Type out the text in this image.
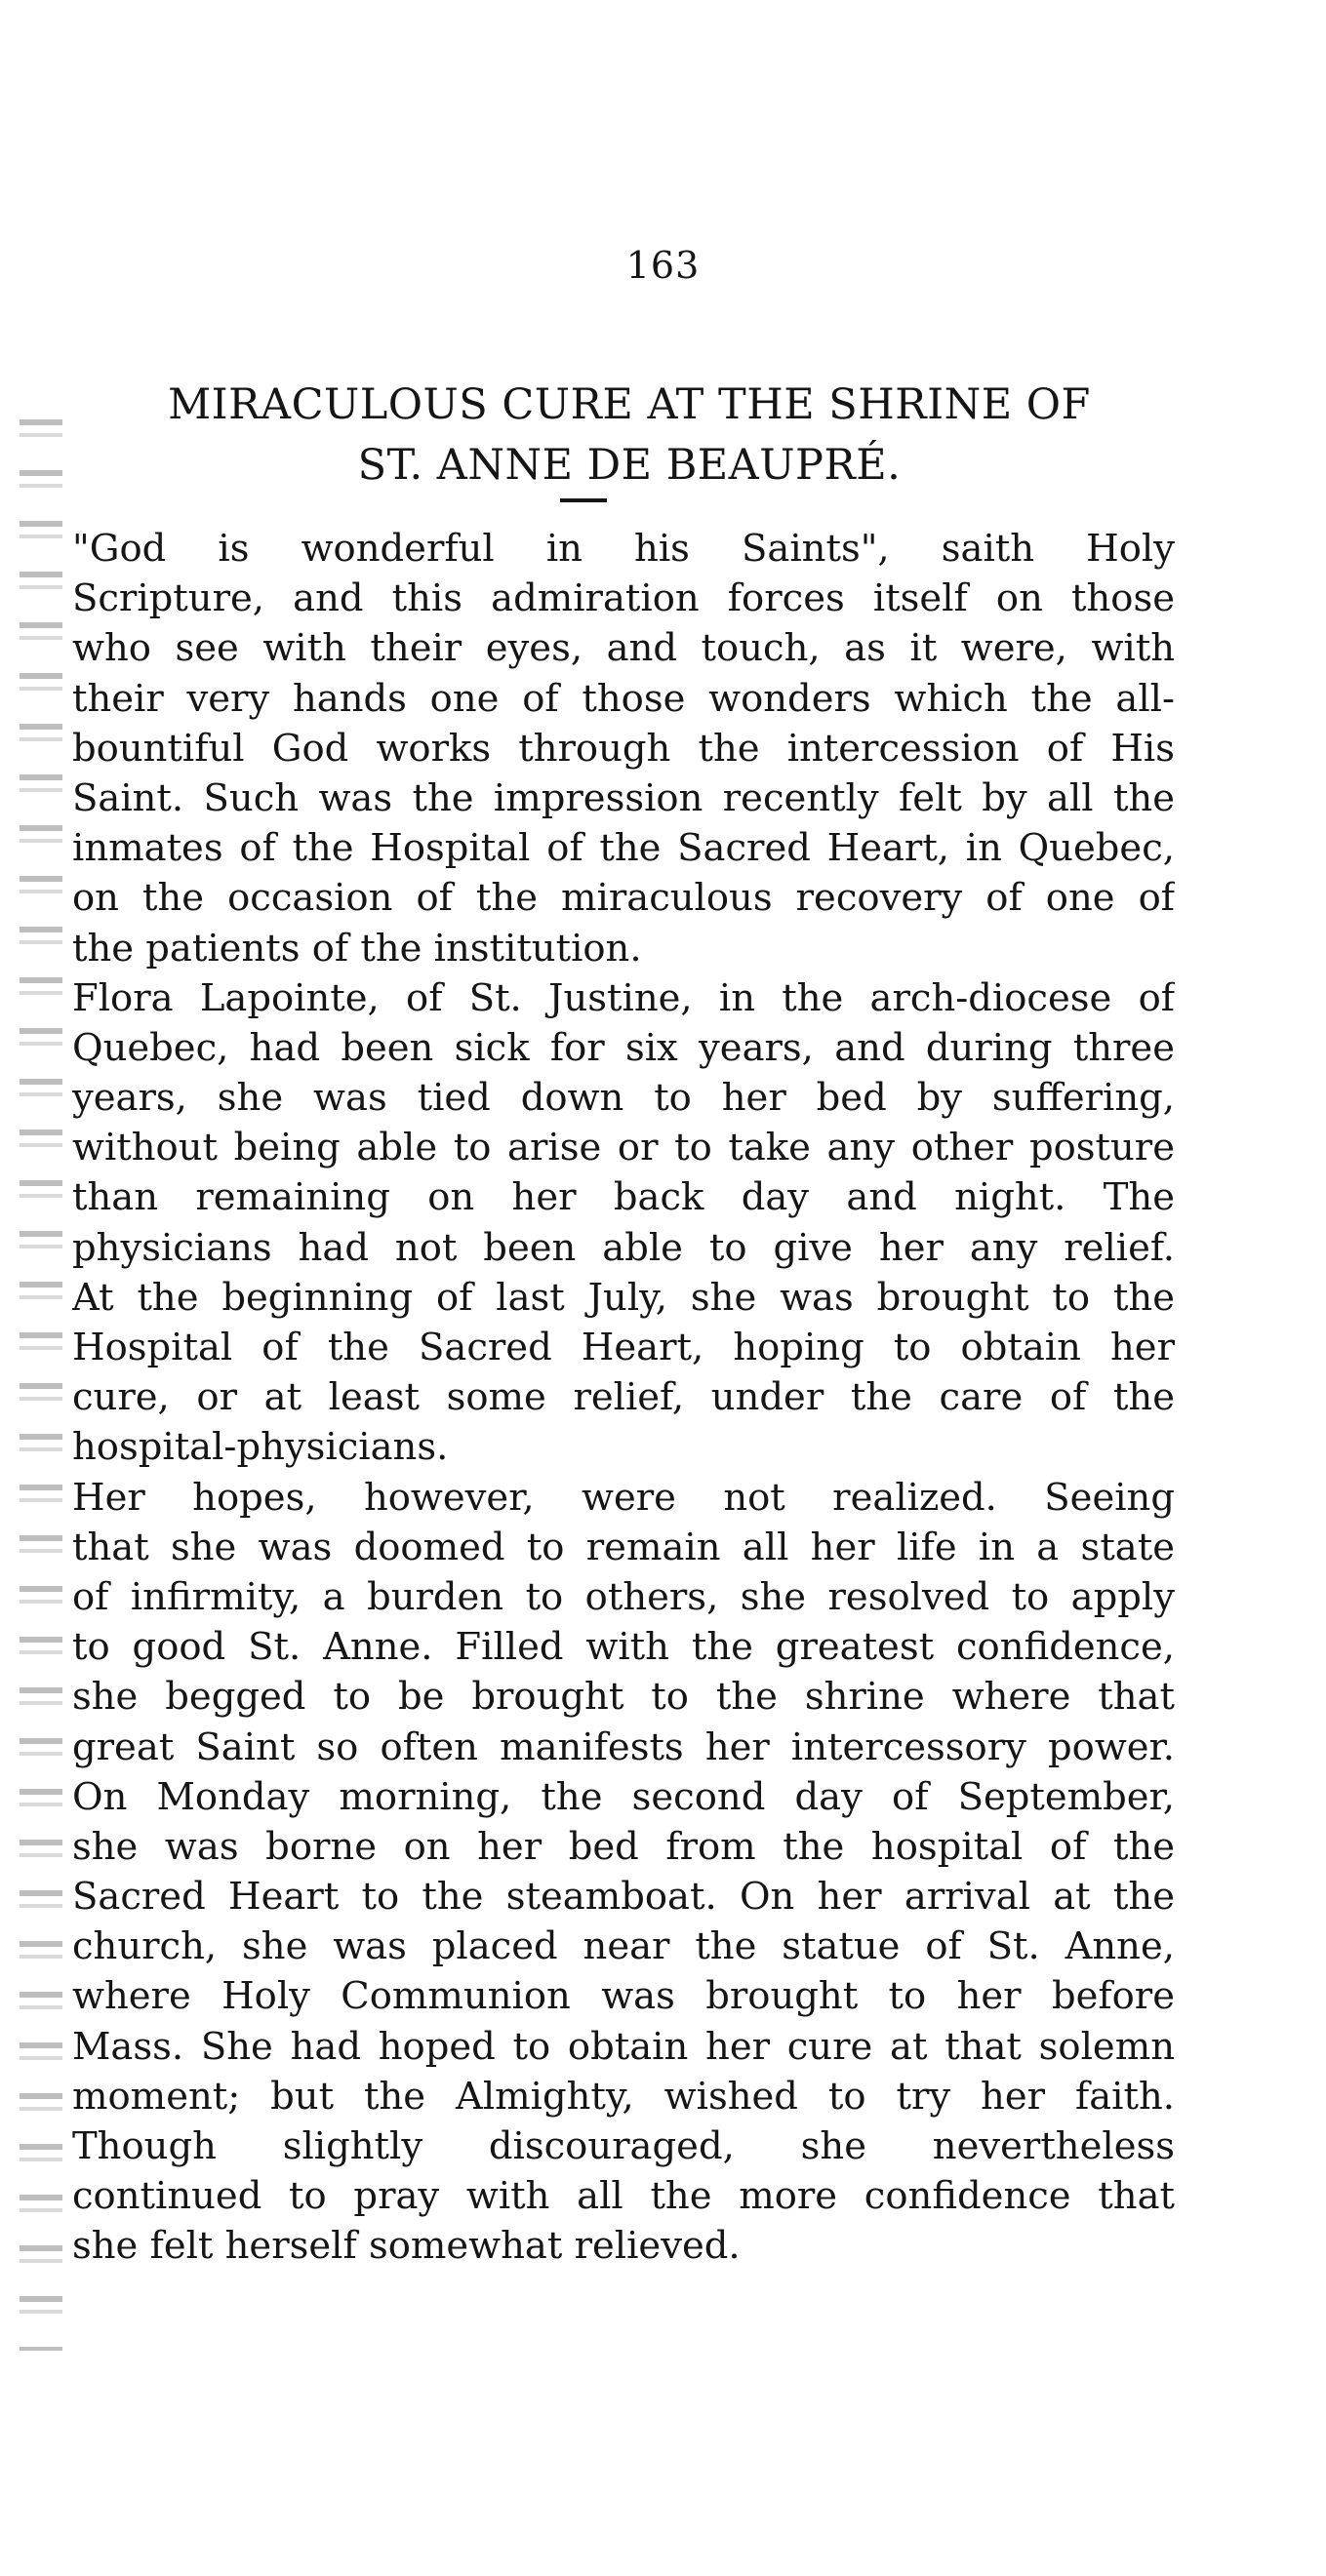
163
MIRACULOUS CURE AT THE SHRINE OF
ST. ANNE DE BEAUPRÉ.
"God is wonderful in his Saints", saith Holy
Scripture, and this admiration forces itself on those
who see with their eyes, and touch, as it were, with
their very hands one of those wonders which the all-
bountiful God works through the intercession of His
Saint. Such was the impression recently felt by all the
inmates of the Hospital of the Sacred Heart, in Quebec,
on the occasion of the miraculous recovery of one of
the patients of the institution.
Flora Lapointe, of St. Justine, in the arch-diocese of
Quebec, had been sick for six years, and during three
years, she was tied down to her bed by suffering,
without being able to arise or to take any other posture
than remaining on her back day and night. The
physicians had not been able to give her any relief.
At the beginning of last July, she was brought to the
Hospital of the Sacred Heart, hoping to obtain her
cure, or at least some relief, under the care of the
hospital-physicians.
Her hopes, however, were not realized. Seeing
that she was doomed to remain all her life in a state
of infirmity, a burden to others, she resolved to apply
to good St. Anne. Filled with the greatest confidence,
she begged to be brought to the shrine where that
great Saint so often manifests her intercessory power.
On Monday morning, the second day of September,
she was borne on her bed from the hospital of the
Sacred Heart to the steamboat. On her arrival at the
church, she was placed near the statue of St. Anne,
where Holy Communion was brought to her before
Mass. She had hoped to obtain her cure at that solemn
moment; but the Almighty, wished to try her faith.
Though slightly discouraged, she nevertheless
continued to pray with all the more confidence that
she felt herself somewhat relieved.
